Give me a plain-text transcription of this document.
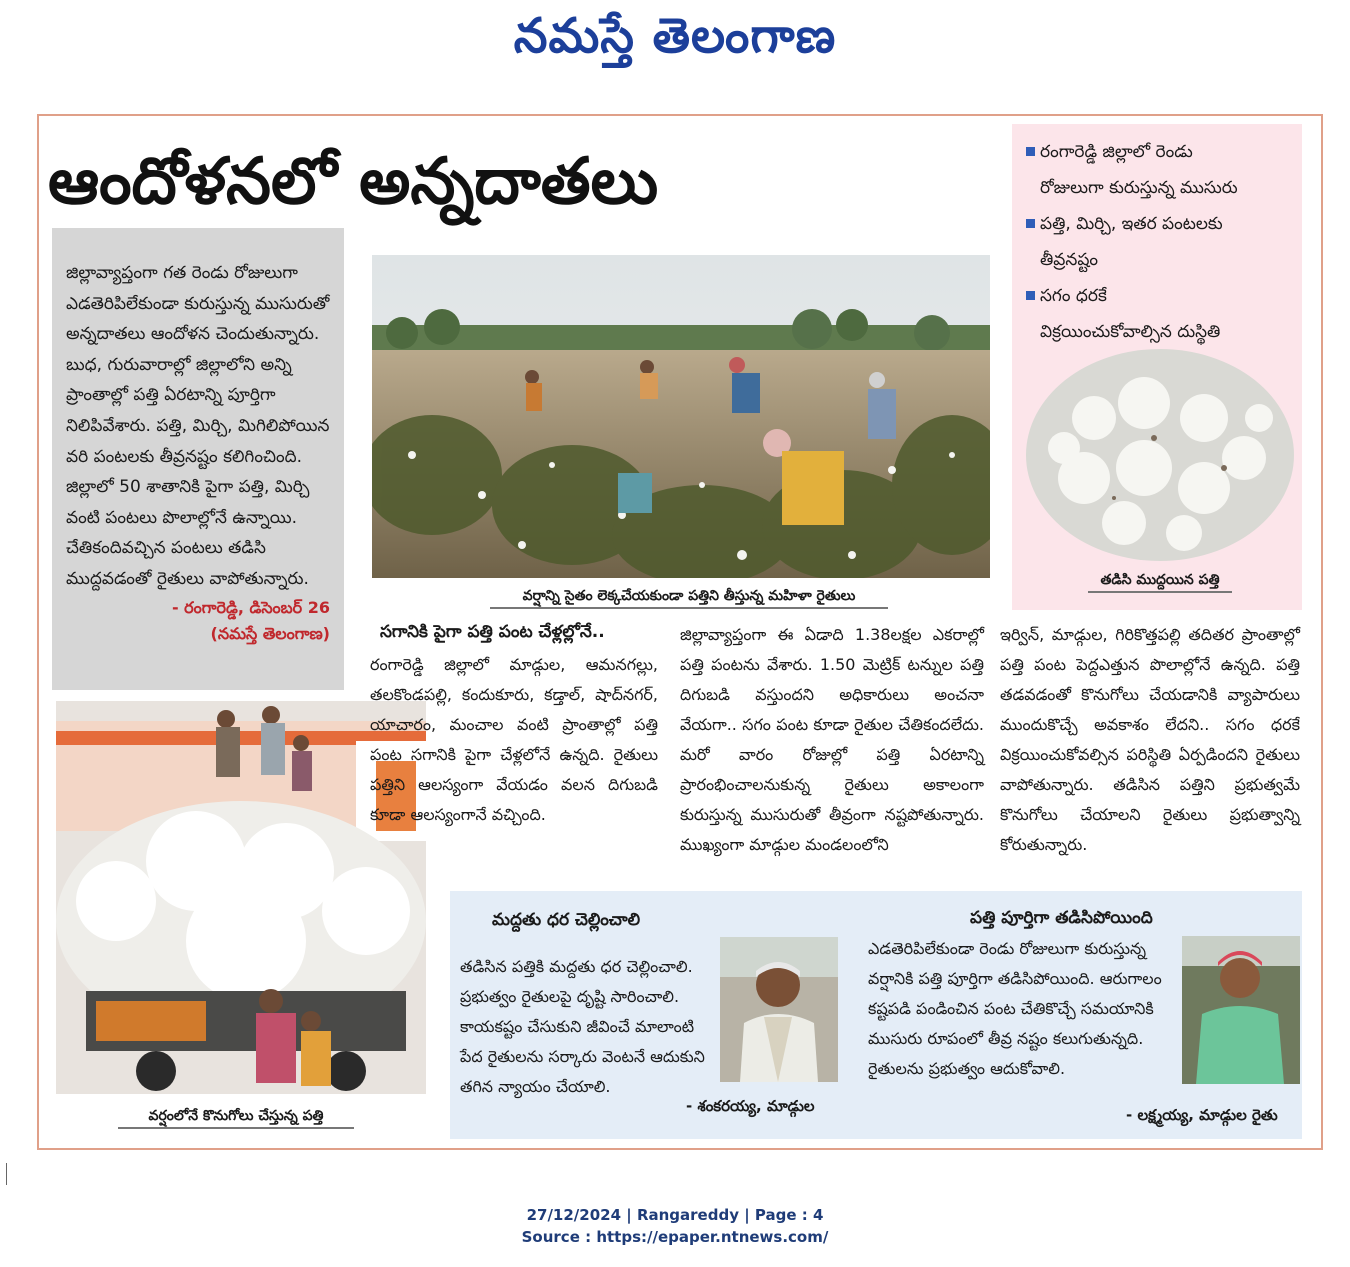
నమస్తే తెలంగాణ
ఆందోళనలో అన్నదాతలు

జిల్లావ్యాప్తంగా గత రెండు రోజులుగా ఎడతెరిపిలేకుండా కురుస్తున్న ముసురుతో అన్నదాతలు ఆందోళన చెందుతున్నారు. బుధ, గురువారాల్లో జిల్లాలోని అన్ని ప్రాంతాల్లో పత్తి ఏరటాన్ని పూర్తిగా నిలిపివేశారు. పత్తి, మిర్చి, మిగిలిపోయిన వరి పంటలకు తీవ్రనష్టం కలిగించింది. జిల్లాలో 50 శాతానికి పైగా పత్తి, మిర్చి వంటి పంటలు పొలాల్లోనే ఉన్నాయి. చేతికందివచ్చిన పంటలు తడిసి ముద్దవడంతో రైతులు వాపోతున్నారు.

- రంగారెడ్డి, డిసెంబర్ 26
(నమస్తే తెలంగాణ)
వర్షాన్ని సైతం లెక్కచేయకుండా పత్తిని తీస్తున్న మహిళా రైతులు
రంగారెడ్డి జిల్లాలో రెండు
రోజులుగా కురుస్తున్న ముసురు
పత్తి, మిర్చి, ఇతర పంటలకు
తీవ్రనష్టం
సగం ధరకే
విక్రయించుకోవాల్సిన దుస్థితి
తడిసి ముద్దయిన పత్తి
వర్షంలోనే కొనుగోలు చేస్తున్న పత్తి
సగానికి పైగా పత్తి పంట చేళ్లల్లోనే..

రంగారెడ్డి జిల్లాలో మాడ్గుల, ఆమనగల్లు, తలకొండపల్లి, కందుకూరు, కడ్తాల్, షాద్‌నగర్, యాచారం, మంచాల వంటి ప్రాంతాల్లో పత్తి పంట సగానికి పైగా చేళ్లలోనే ఉన్నది. రైతులు పత్తిని ఆలస్యంగా వేయడం వలన దిగుబడి కూడా ఆలస్యంగానే వచ్చింది.

జిల్లావ్యాప్తంగా ఈ ఏడాది 1.38లక్షల ఎకరాల్లో పత్తి పంటను వేశారు. 1.50 మెట్రిక్ టన్నుల పత్తి దిగుబడి వస్తుందని అధికారులు అంచనా వేయగా.. సగం పంట కూడా రైతుల చేతికందలేదు. మరో వారం రోజుల్లో పత్తి ఏరటాన్ని ప్రారంభించాలనుకున్న రైతులు అకాలంగా కురుస్తున్న ముసురుతో తీవ్రంగా నష్టపోతున్నారు. ముఖ్యంగా మాడ్గుల మండలంలోని

ఇర్విన్, మాడ్గుల, గిరికొత్తపల్లి తదితర ప్రాంతాల్లో పత్తి పంట పెద్దఎత్తున పొలాల్లోనే ఉన్నది. పత్తి తడవడంతో కొనుగోలు చేయడానికి వ్యాపారులు ముందుకొచ్చే అవకాశం లేదని.. సగం ధరకే విక్రయించుకోవల్సిన పరిస్థితి ఏర్పడిందని రైతులు వాపోతున్నారు. తడిసిన పత్తిని ప్రభుత్వమే కొనుగోలు చేయాలని రైతులు ప్రభుత్వాన్ని కోరుతున్నారు.

మద్దతు ధర చెల్లించాలి

తడిసిన పత్తికి మద్దతు ధర చెల్లించాలి. ప్రభుత్వం రైతులపై దృష్టి సారించాలి. కాయకష్టం చేసుకుని జీవించే మాలాంటి పేద రైతులను సర్కారు వెంటనే ఆదుకుని తగిన న్యాయం చేయాలి.

- శంకరయ్య, మాడ్గుల
పత్తి పూర్తిగా తడిసిపోయింది

ఎడతెరిపిలేకుండా రెండు రోజులుగా కురుస్తున్న వర్షానికి పత్తి పూర్తిగా తడిసిపోయింది. ఆరుగాలం కష్టపడి పండించిన పంట చేతికొచ్చే సమయానికి ముసురు రూపంలో తీవ్ర నష్టం కలుగుతున్నది. రైతులను ప్రభుత్వం ఆదుకోవాలి.

- లక్ష్మయ్య, మాడ్గుల రైతు
27/12/2024 | Rangareddy | Page : 4
Source : https://epaper.ntnews.com/
